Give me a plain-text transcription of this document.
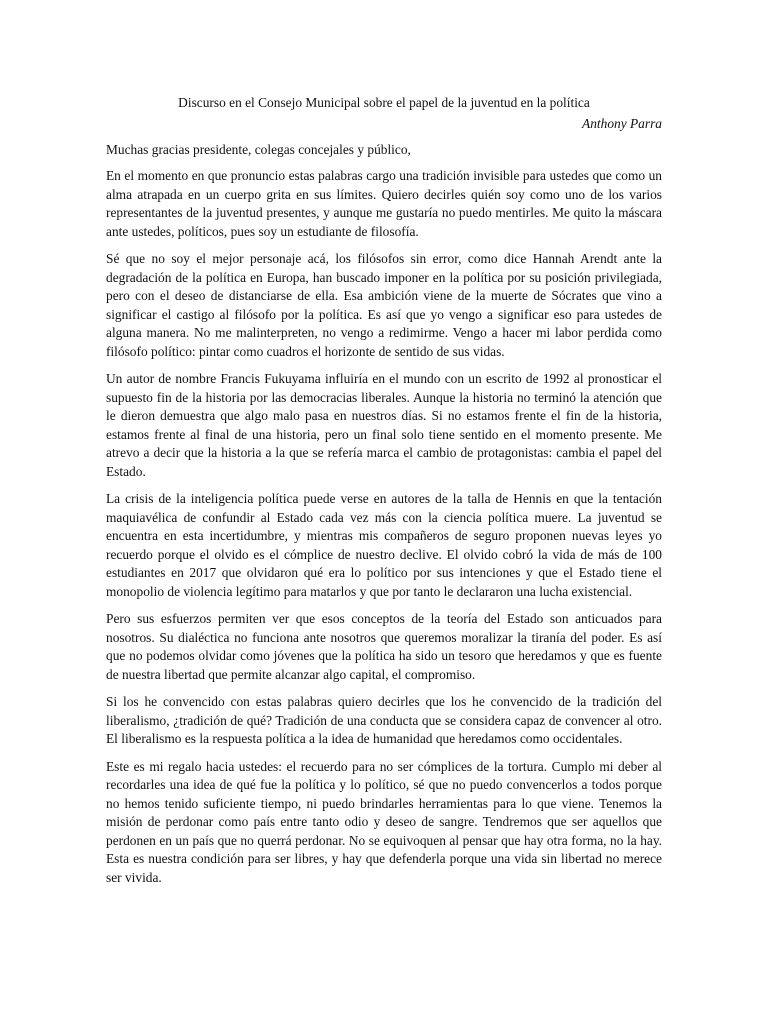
Discurso en el Consejo Municipal sobre el papel de la juventud en la política

Anthony Parra

Muchas gracias presidente, colegas concejales y público,

En el momento en que pronuncio estas palabras cargo una tradición invisible para ustedes que como un alma atrapada en un cuerpo grita en sus límites. Quiero decirles quién soy como uno de los varios representantes de la juventud presentes, y aunque me gustaría no puedo mentirles. Me quito la máscara ante ustedes, políticos, pues soy un estudiante de filosofía.

Sé que no soy el mejor personaje acá, los filósofos sin error, como dice Hannah Arendt ante la degradación de la política en Europa, han buscado imponer en la política por su posición privilegiada, pero con el deseo de distanciarse de ella. Esa ambición viene de la muerte de Sócrates que vino a significar el castigo al filósofo por la política. Es así que yo vengo a significar eso para ustedes de alguna manera. No me malinterpreten, no vengo a redimirme. Vengo a hacer mi labor perdida como filósofo político: pintar como cuadros el horizonte de sentido de sus vidas.

Un autor de nombre Francis Fukuyama influiría en el mundo con un escrito de 1992 al pronosticar el supuesto fin de la historia por las democracias liberales. Aunque la historia no terminó la atención que le dieron demuestra que algo malo pasa en nuestros días. Si no estamos frente el fin de la historia, estamos frente al final de una historia, pero un final solo tiene sentido en el momento presente. Me atrevo a decir que la historia a la que se refería marca el cambio de protagonistas: cambia el papel del Estado.

La crisis de la inteligencia política puede verse en autores de la talla de Hennis en que la tentación maquiavélica de confundir al Estado cada vez más con la ciencia política muere. La juventud se encuentra en esta incertidumbre, y mientras mis compañeros de seguro proponen nuevas leyes yo recuerdo porque el olvido es el cómplice de nuestro declive. El olvido cobró la vida de más de 100 estudiantes en 2017 que olvidaron qué era lo político por sus intenciones y que el Estado tiene el monopolio de violencia legítimo para matarlos y que por tanto le declararon una lucha existencial.

Pero sus esfuerzos permiten ver que esos conceptos de la teoría del Estado son anticuados para nosotros. Su dialéctica no funciona ante nosotros que queremos moralizar la tiranía del poder. Es así que no podemos olvidar como jóvenes que la política ha sido un tesoro que heredamos y que es fuente de nuestra libertad que permite alcanzar algo capital, el compromiso.

Si los he convencido con estas palabras quiero decirles que los he convencido de la tradición del liberalismo, ¿tradición de qué? Tradición de una conducta que se considera capaz de convencer al otro. El liberalismo es la respuesta política a la idea de humanidad que heredamos como occidentales.

Este es mi regalo hacia ustedes: el recuerdo para no ser cómplices de la tortura. Cumplo mi deber al recordarles una idea de qué fue la política y lo político, sé que no puedo convencerlos a todos porque no hemos tenido suficiente tiempo, ni puedo brindarles herramientas para lo que viene. Tenemos la misión de perdonar como país entre tanto odio y deseo de sangre. Tendremos que ser aquellos que perdonen en un país que no querrá perdonar. No se equivoquen al pensar que hay otra forma, no la hay. Esta es nuestra condición para ser libres, y hay que defenderla porque una vida sin libertad no merece ser vivida.
